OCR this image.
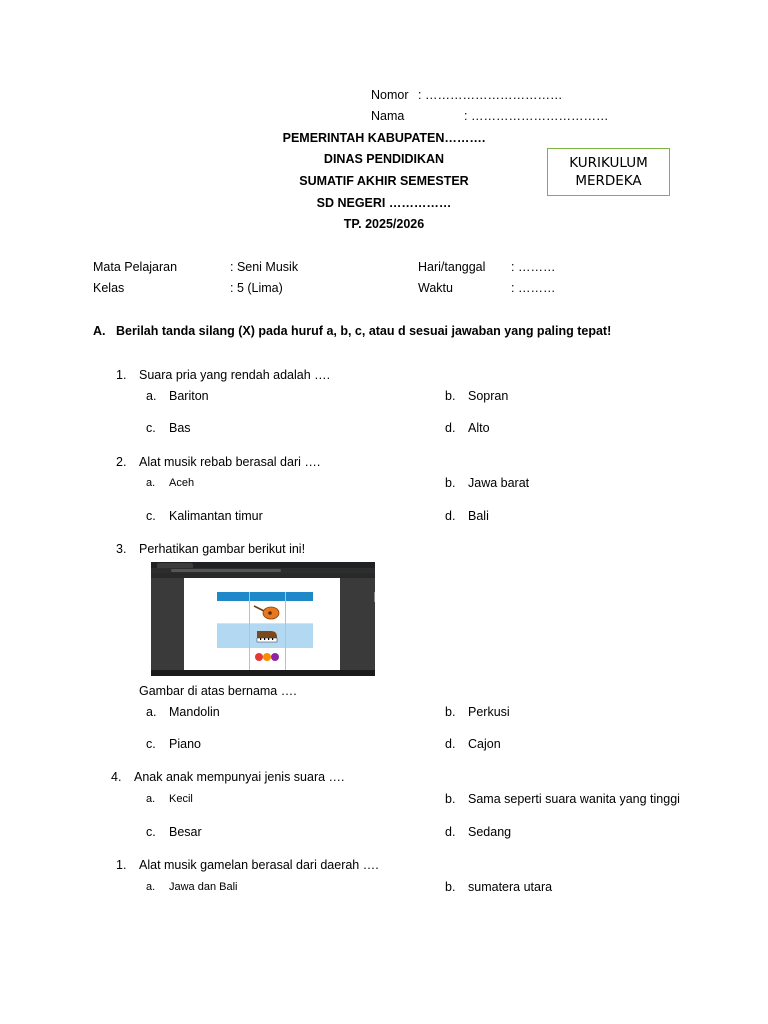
Nomor : ……………………………
Nama	: ……………………………
PEMERINTAH KABUPATEN……….
DINAS PENDIDIKAN
SUMATIF AKHIR SEMESTER
SD NEGERI ……………
TP. 2025/2026
KURIKULUM
MERDEKA
Mata Pelajaran	: Seni Musik	Hari/tanggal : ………
Kelas	: 5 (Lima)	Waktu	: ………
A. Berilah tanda silang (X) pada huruf a, b, c, atau d sesuai jawaban yang paling tepat!
1. Suara pria yang rendah adalah ….
a. Bariton	b. Sopran
c. Bas	d. Alto
2. Alat musik rebab berasal dari ….
a. Aceh	b. Jawa barat
c. Kalimantan timur	d. Bali
3. Perhatikan gambar berikut ini!
Gambar di atas bernama ….
a. Mandolin	b. Perkusi
c. Piano	d. Cajon
4. Anak anak mempunyai jenis suara ….
a. Kecil	b. Sama seperti suara wanita yang tinggi
c. Besar	d. Sedang
1. Alat musik gamelan berasal dari daerah ….
a. Jawa dan Bali	b. sumatera utara
